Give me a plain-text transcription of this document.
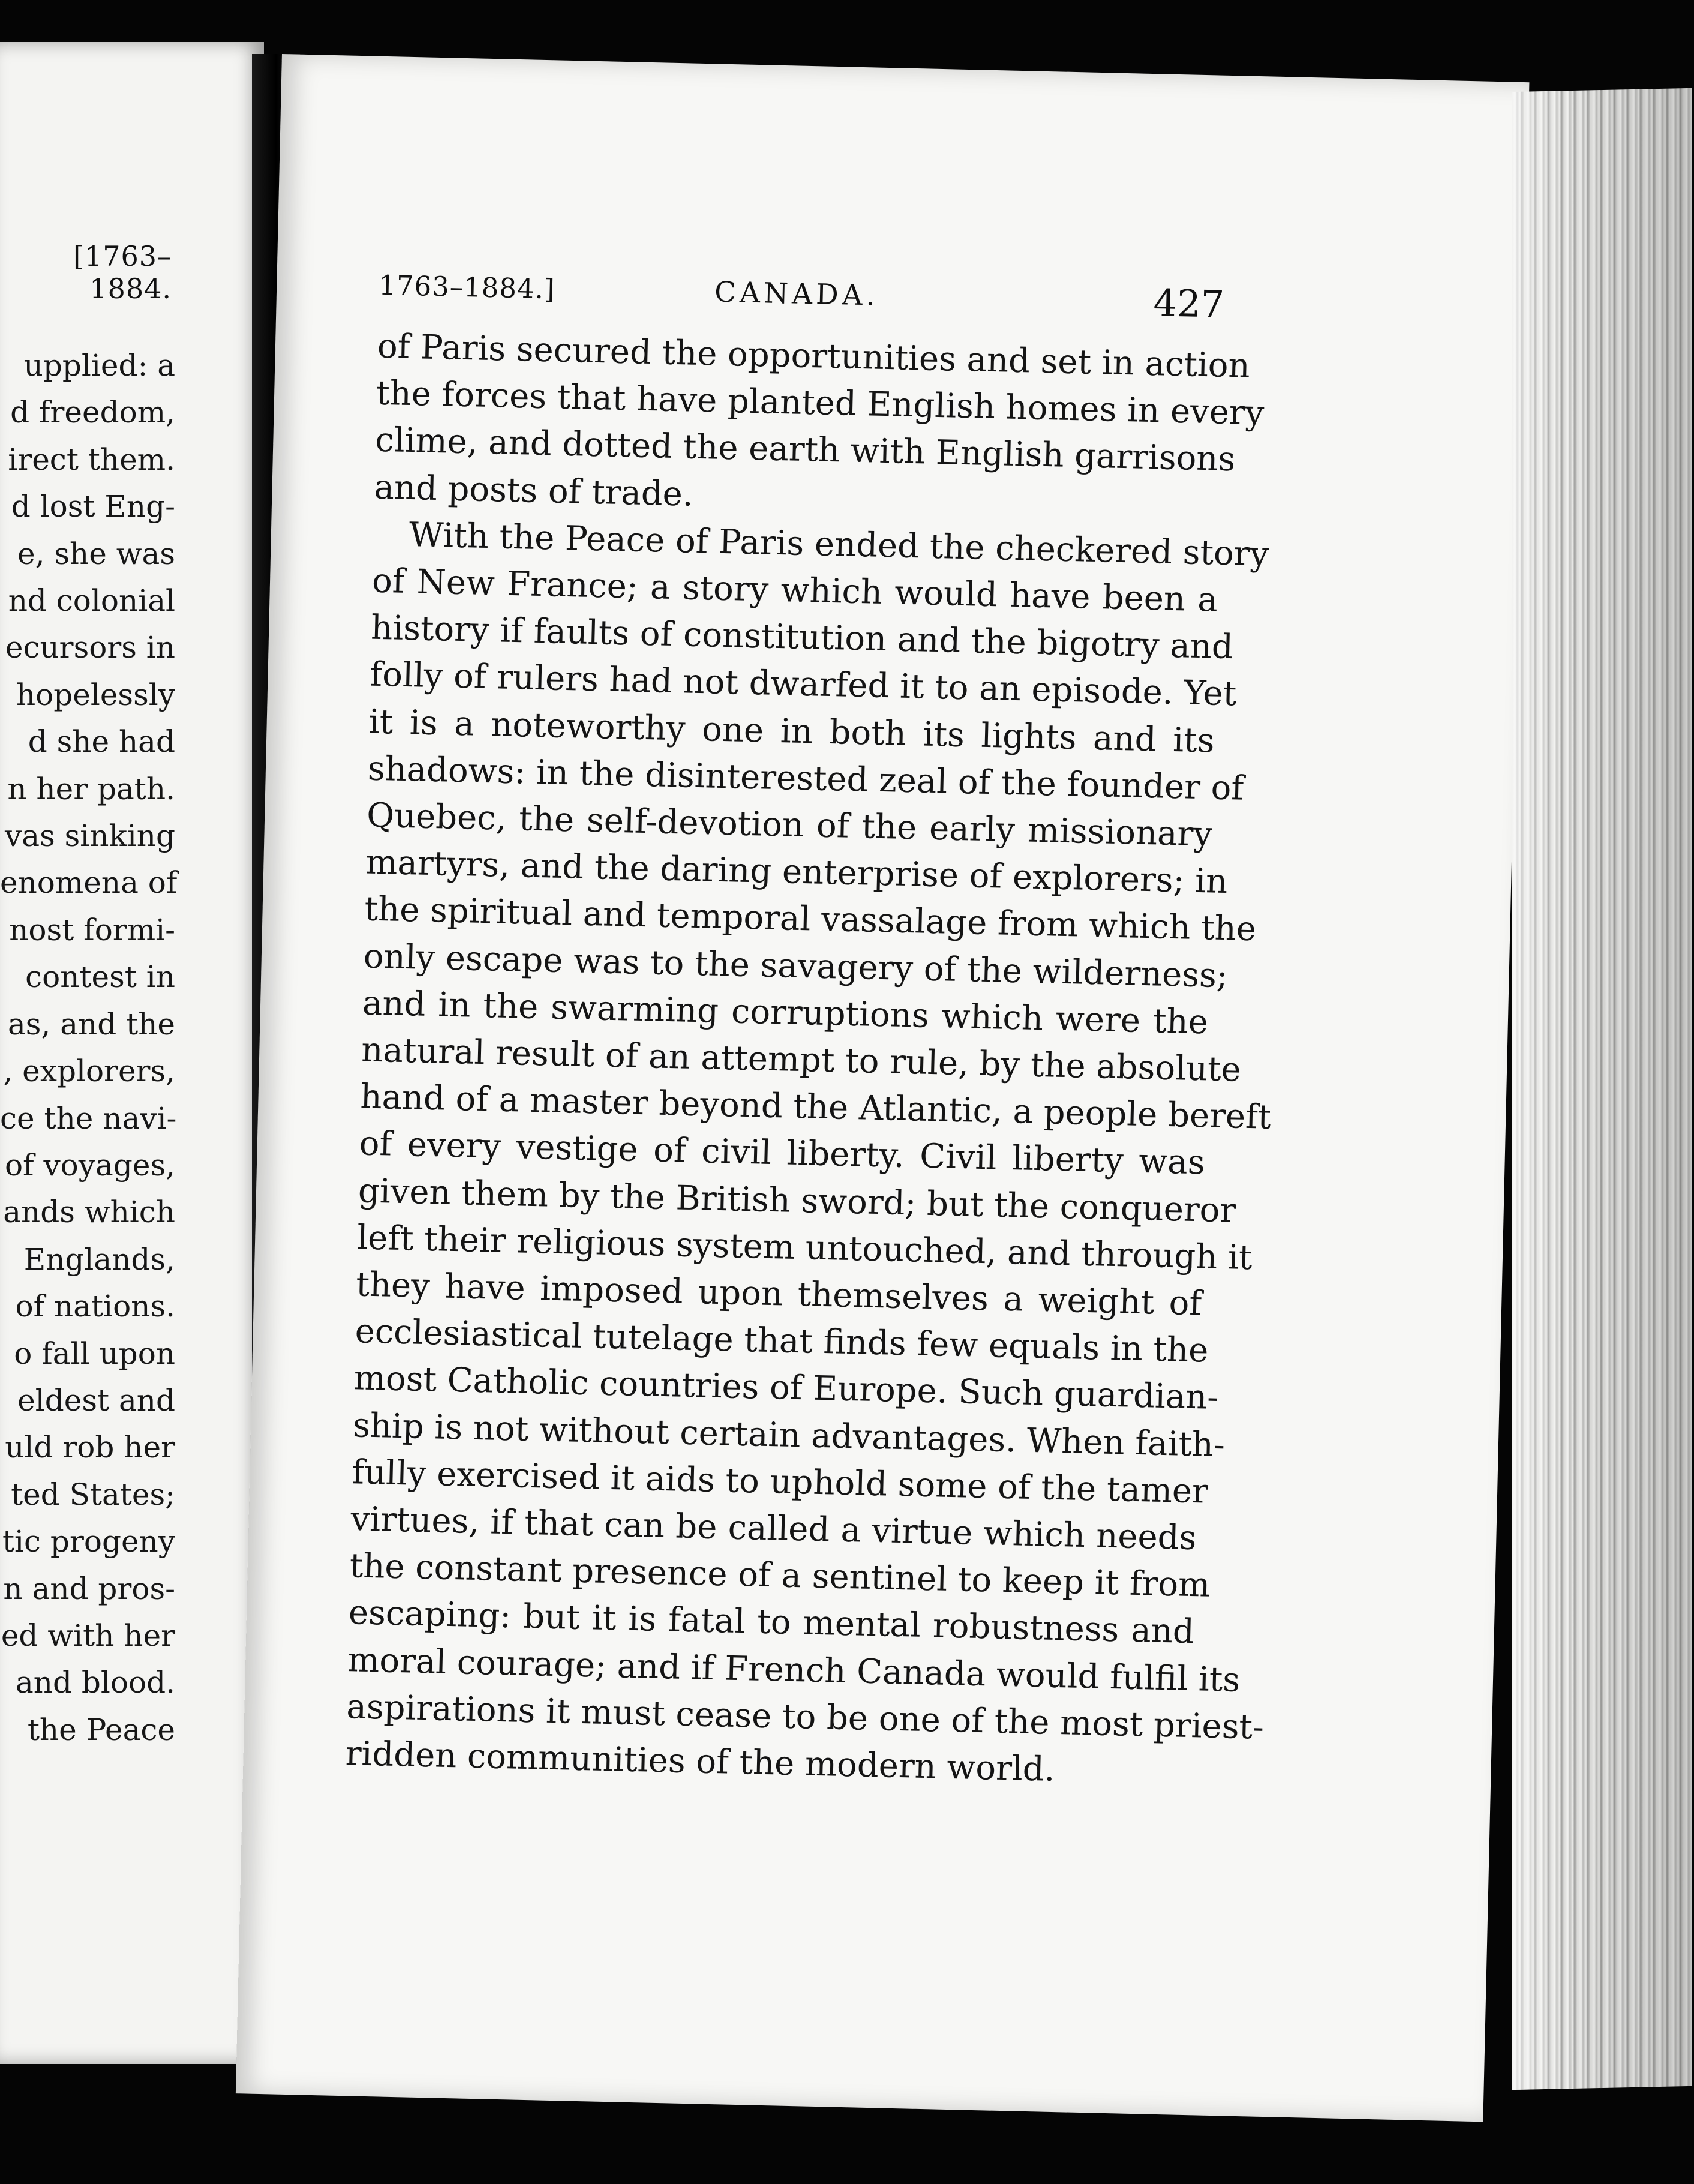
[1763–1884.
upplied: a
d freedom,
irect them.
d lost Eng-
e, she was
nd colonial
ecursors in
hopelessly
d she had
n her path.
vas sinking
enomena of
nost formi-
contest in
as, and the
, explorers,
ce the navi-
of voyages,
ands which
Englands,
of nations.
o fall upon
eldest and
uld rob her
ted States;
tic progeny
n and pros-
ed with her
and blood.
the Peace
1763–1884.]	CANADA.	427
of Paris secured the opportunities and set in action
the forces that have planted English homes in every
clime, and dotted the earth with English garrisons
and posts of trade.
With the Peace of Paris ended the checkered story
of New France; a story which would have been a
history if faults of constitution and the bigotry and
folly of rulers had not dwarfed it to an episode. Yet
it is a noteworthy one in both its lights and its
shadows: in the disinterested zeal of the founder of
Quebec, the self-devotion of the early missionary
martyrs, and the daring enterprise of explorers; in
the spiritual and temporal vassalage from which the
only escape was to the savagery of the wilderness;
and in the swarming corruptions which were the
natural result of an attempt to rule, by the absolute
hand of a master beyond the Atlantic, a people bereft
of every vestige of civil liberty. Civil liberty was
given them by the British sword; but the conqueror
left their religious system untouched, and through it
they have imposed upon themselves a weight of
ecclesiastical tutelage that finds few equals in the
most Catholic countries of Europe. Such guardian-
ship is not without certain advantages. When faith-
fully exercised it aids to uphold some of the tamer
virtues, if that can be called a virtue which needs
the constant presence of a sentinel to keep it from
escaping: but it is fatal to mental robustness and
moral courage; and if French Canada would fulfil its
aspirations it must cease to be one of the most priest-
ridden communities of the modern world.
